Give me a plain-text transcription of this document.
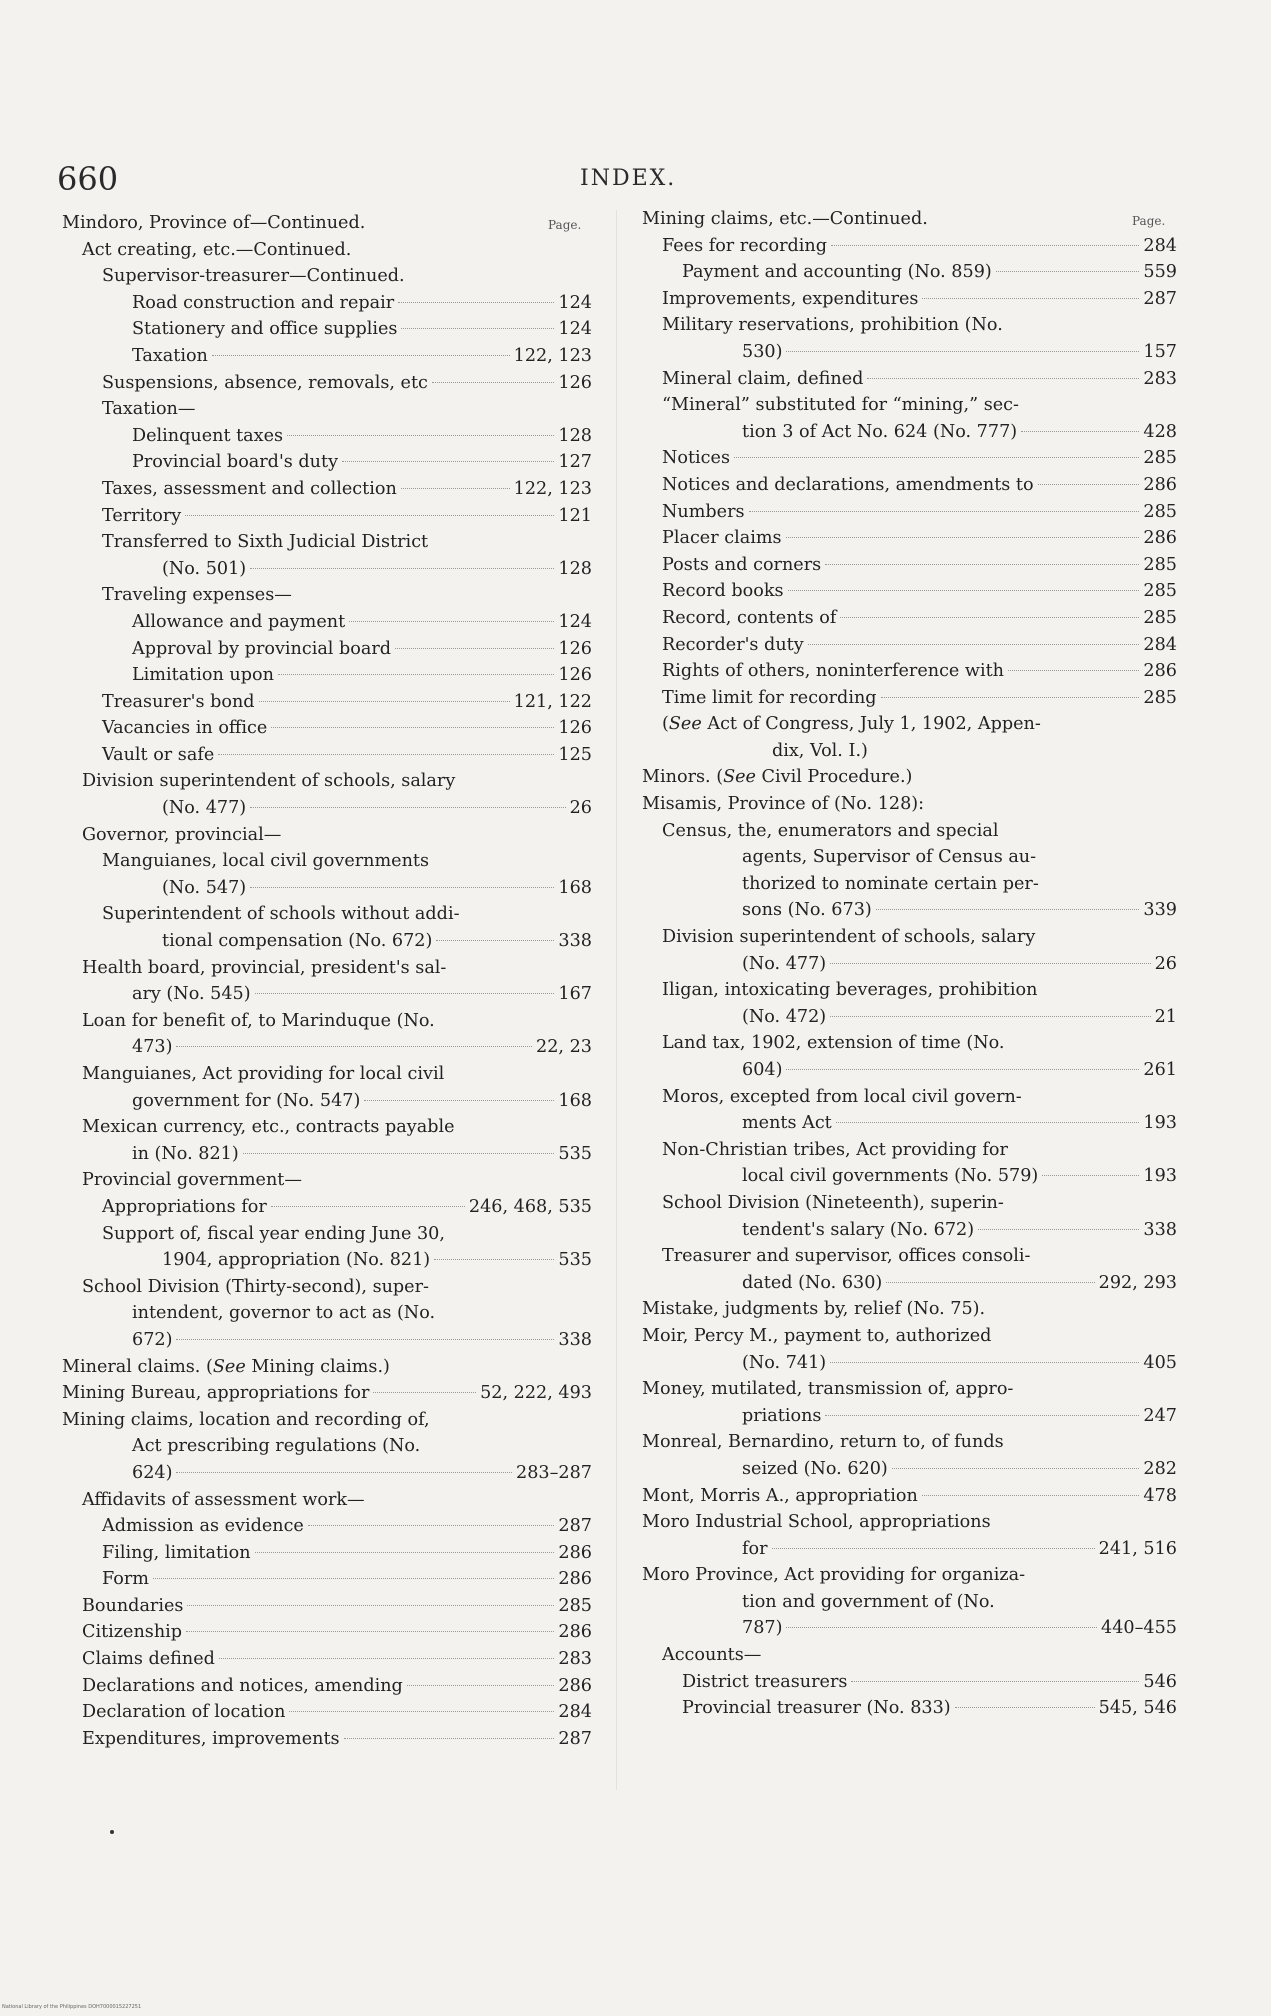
660	INDEX.
Page.	Page.
Mindoro, Province of—Continued.
Act creating, etc.—Continued.
Supervisor-treasurer—Continued.
Road construction and repair	124
Stationery and office supplies	124
Taxation	122, 123
Suspensions, absence, removals, etc	126
Taxation—
Delinquent taxes	128
Provincial board's duty	127
Taxes, assessment and collection	122, 123
Territory	121
Transferred to Sixth Judicial District
(No. 501)	128
Traveling expenses—
Allowance and payment	124
Approval by provincial board	126
Limitation upon	126
Treasurer's bond	121, 122
Vacancies in office	126
Vault or safe	125
Division superintendent of schools, salary
(No. 477)	26
Governor, provincial—
Manguianes, local civil governments
(No. 547)	168
Superintendent of schools without addi-
tional compensation (No. 672)	338
Health board, provincial, president's sal-
ary (No. 545)	167
Loan for benefit of, to Marinduque (No.
473)	22, 23
Manguianes, Act providing for local civil
government for (No. 547)	168
Mexican currency, etc., contracts payable
in (No. 821)	535
Provincial government—
Appropriations for	246, 468, 535
Support of, fiscal year ending June 30,
1904, appropriation (No. 821)	535
School Division (Thirty-second), super-
intendent, governor to act as (No.
672)	338
Mineral claims. (See Mining claims.)
Mining Bureau, appropriations for	52, 222, 493
Mining claims, location and recording of,
Act prescribing regulations (No.
624)	283–287
Affidavits of assessment work—
Admission as evidence	287
Filing, limitation	286
Form	286
Boundaries	285
Citizenship	286
Claims defined	283
Declarations and notices, amending	286
Declaration of location	284
Expenditures, improvements	287
Mining claims, etc.—Continued.
Fees for recording	284
Payment and accounting (No. 859)	559
Improvements, expenditures	287
Military reservations, prohibition (No.
530)	157
Mineral claim, defined	283
“Mineral” substituted for “mining,” sec-
tion 3 of Act No. 624 (No. 777)	428
Notices	285
Notices and declarations, amendments to	286
Numbers	285
Placer claims	286
Posts and corners	285
Record books	285
Record, contents of	285
Recorder's duty	284
Rights of others, noninterference with	286
Time limit for recording	285
(See Act of Congress, July 1, 1902, Appen-
dix, Vol. I.)
Minors. (See Civil Procedure.)
Misamis, Province of (No. 128):
Census, the, enumerators and special
agents, Supervisor of Census au-
thorized to nominate certain per-
sons (No. 673)	339
Division superintendent of schools, salary
(No. 477)	26
Iligan, intoxicating beverages, prohibition
(No. 472)	21
Land tax, 1902, extension of time (No.
604)	261
Moros, excepted from local civil govern-
ments Act	193
Non-Christian tribes, Act providing for
local civil governments (No. 579)	193
School Division (Nineteenth), superin-
tendent's salary (No. 672)	338
Treasurer and supervisor, offices consoli-
dated (No. 630)	292, 293
Mistake, judgments by, relief (No. 75).
Moir, Percy M., payment to, authorized
(No. 741)	405
Money, mutilated, transmission of, appro-
priations	247
Monreal, Bernardino, return to, of funds
seized (No. 620)	282
Mont, Morris A., appropriation	478
Moro Industrial School, appropriations
for	241, 516
Moro Province, Act providing for organiza-
tion and government of (No.
787)	440–455
Accounts—
District treasurers	546
Provincial treasurer (No. 833)	545, 546
National Library of the Philippines DOH7000015227251
